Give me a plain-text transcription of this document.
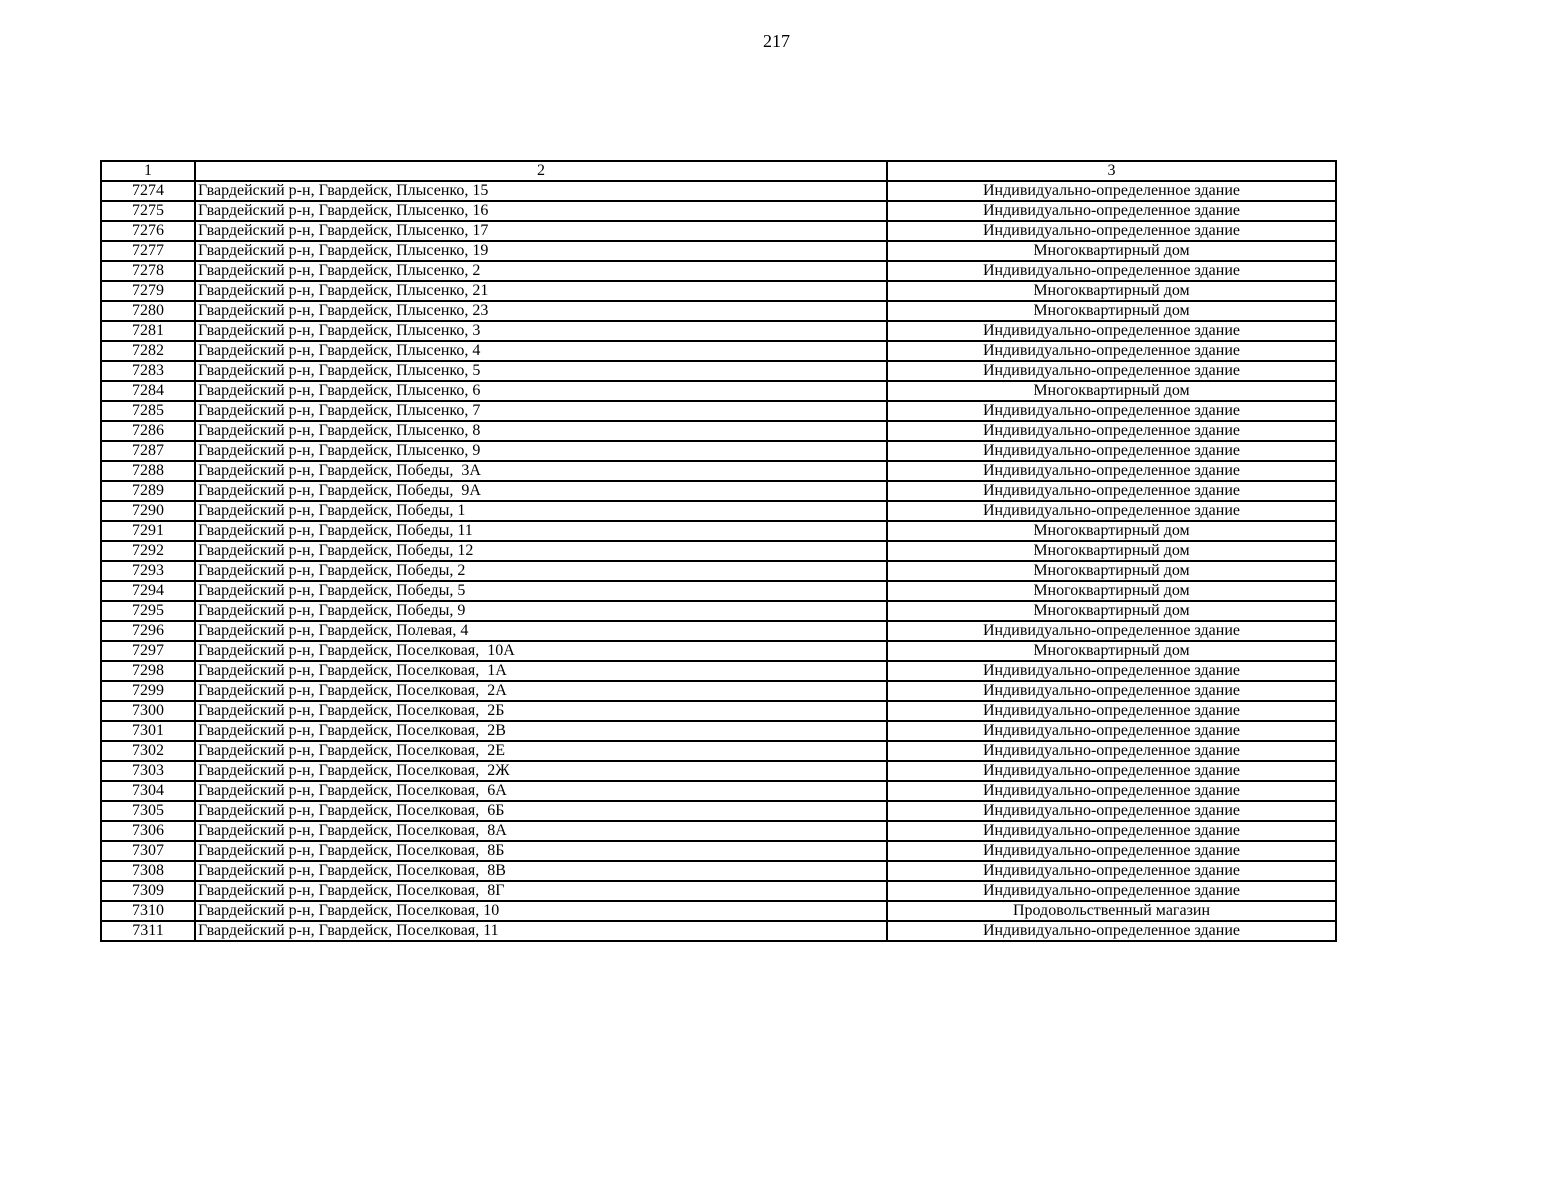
217
1	2	3
7274	Гвардейский р-н, Гвардейск, Плысенко, 15	Индивидуально-определенное здание
7275	Гвардейский р-н, Гвардейск, Плысенко, 16	Индивидуально-определенное здание
7276	Гвардейский р-н, Гвардейск, Плысенко, 17	Индивидуально-определенное здание
7277	Гвардейский р-н, Гвардейск, Плысенко, 19	Многоквартирный дом
7278	Гвардейский р-н, Гвардейск, Плысенко, 2	Индивидуально-определенное здание
7279	Гвардейский р-н, Гвардейск, Плысенко, 21	Многоквартирный дом
7280	Гвардейский р-н, Гвардейск, Плысенко, 23	Многоквартирный дом
7281	Гвардейский р-н, Гвардейск, Плысенко, 3	Индивидуально-определенное здание
7282	Гвардейский р-н, Гвардейск, Плысенко, 4	Индивидуально-определенное здание
7283	Гвардейский р-н, Гвардейск, Плысенко, 5	Индивидуально-определенное здание
7284	Гвардейский р-н, Гвардейск, Плысенко, 6	Многоквартирный дом
7285	Гвардейский р-н, Гвардейск, Плысенко, 7	Индивидуально-определенное здание
7286	Гвардейский р-н, Гвардейск, Плысенко, 8	Индивидуально-определенное здание
7287	Гвардейский р-н, Гвардейск, Плысенко, 9	Индивидуально-определенное здание
7288	Гвардейский р-н, Гвардейск, Победы,  3А	Индивидуально-определенное здание
7289	Гвардейский р-н, Гвардейск, Победы,  9А	Индивидуально-определенное здание
7290	Гвардейский р-н, Гвардейск, Победы, 1	Индивидуально-определенное здание
7291	Гвардейский р-н, Гвардейск, Победы, 11	Многоквартирный дом
7292	Гвардейский р-н, Гвардейск, Победы, 12	Многоквартирный дом
7293	Гвардейский р-н, Гвардейск, Победы, 2	Многоквартирный дом
7294	Гвардейский р-н, Гвардейск, Победы, 5	Многоквартирный дом
7295	Гвардейский р-н, Гвардейск, Победы, 9	Многоквартирный дом
7296	Гвардейский р-н, Гвардейск, Полевая, 4	Индивидуально-определенное здание
7297	Гвардейский р-н, Гвардейск, Поселковая,  10А	Многоквартирный дом
7298	Гвардейский р-н, Гвардейск, Поселковая,  1А	Индивидуально-определенное здание
7299	Гвардейский р-н, Гвардейск, Поселковая,  2А	Индивидуально-определенное здание
7300	Гвардейский р-н, Гвардейск, Поселковая,  2Б	Индивидуально-определенное здание
7301	Гвардейский р-н, Гвардейск, Поселковая,  2В	Индивидуально-определенное здание
7302	Гвардейский р-н, Гвардейск, Поселковая,  2Е	Индивидуально-определенное здание
7303	Гвардейский р-н, Гвардейск, Поселковая,  2Ж	Индивидуально-определенное здание
7304	Гвардейский р-н, Гвардейск, Поселковая,  6А	Индивидуально-определенное здание
7305	Гвардейский р-н, Гвардейск, Поселковая,  6Б	Индивидуально-определенное здание
7306	Гвардейский р-н, Гвардейск, Поселковая,  8А	Индивидуально-определенное здание
7307	Гвардейский р-н, Гвардейск, Поселковая,  8Б	Индивидуально-определенное здание
7308	Гвардейский р-н, Гвардейск, Поселковая,  8В	Индивидуально-определенное здание
7309	Гвардейский р-н, Гвардейск, Поселковая,  8Г	Индивидуально-определенное здание
7310	Гвардейский р-н, Гвардейск, Поселковая, 10	Продовольственный магазин
7311	Гвардейский р-н, Гвардейск, Поселковая, 11	Индивидуально-определенное здание
